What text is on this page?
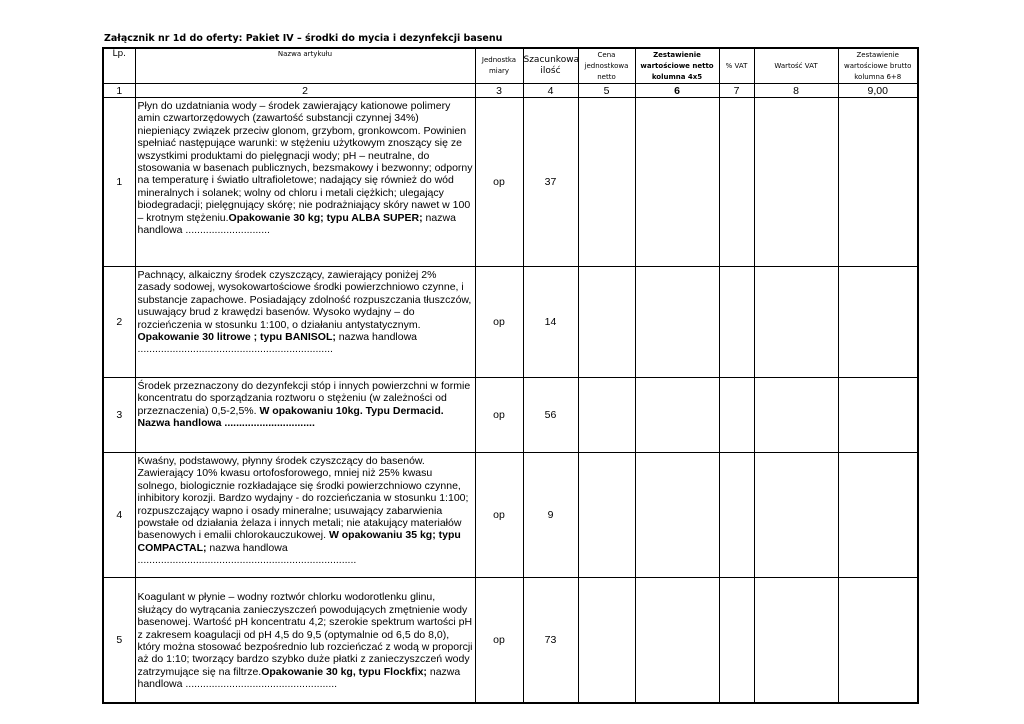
Załącznik nr 1d do oferty: Pakiet IV – środki do mycia i dezynfekcji basenu
Lp.	Nazwa artykułu	Jednostka miary	Szacunkowa ilość	Cena jednostkowa netto	Zestawienie wartościowe netto kolumna 4x5	% VAT	Wartość VAT	Zestawienie wartościowe brutto kolumna 6+8
1	2	3	4	5	6	7	8	9,00
1	Płyn do uzdatniania wody – środek zawierający kationowe polimery amin czwartorzędowych (zawartość substancji czynnej 34%) niepieniący związek przeciw glonom, grzybom, gronkowcom. Powinien spełniać następujące warunki: w stężeniu użytkowym znoszący się ze wszystkimi produktami do pielęgnacji wody; pH – neutralne, do stosowania w basenach publicznych, bezsmakowy i bezwonny; odporny na temperaturę i światło ultrafioletowe; nadający się również do wód mineralnych i solanek; wolny od chloru i metali ciężkich; ulegający biodegradacji; pielęgnujący skórę; nie podrażniający skóry nawet w 100 – krotnym stężeniu.Opakowanie 30 kg; typu ALBA SUPER; nazwa handlowa .............................	op	37					
2	Pachnący, alkaiczny środek czyszczący, zawierający poniżej 2% zasady sodowej, wysokowartościowe środki powierzchniowo czynne, i substancje zapachowe. Posiadający zdolność rozpuszczania tłuszczów, usuwający brud z krawędzi basenów. Wysoko wydajny – do rozcieńczenia w stosunku 1:100, o działaniu antystatycznym. Opakowanie 30 litrowe ; typu BANISOL; nazwa handlowa ...................................................................	op	14					
3	Środek przeznaczony do dezynfekcji stóp i innych powierzchni w formie koncentratu do sporządzania roztworu o stężeniu (w zależności od przeznaczenia) 0,5-2,5%. W opakowaniu 10kg. Typu Dermacid. Nazwa handlowa ...............................	op	56					
4	Kwaśny, podstawowy, płynny środek czyszczący do basenów. Zawierający 10% kwasu ortofosforowego, mniej niż 25% kwasu solnego, biologicznie rozkładające się środki powierzchniowo czynne, inhibitory korozji. Bardzo wydajny - do rozcieńczania w stosunku 1:100; rozpuszczający wapno i osady mineralne; usuwający zabarwienia powstałe od działania żelaza i innych metali; nie atakujący materiałów basenowych i emalii chlorokauczukowej. W opakowaniu 35 kg; typu COMPACTAL; nazwa handlowa ...........................................................................	op	9					
5	Koagulant w płynie – wodny roztwór chlorku wodorotlenku glinu, służący do wytrącania zanieczyszczeń powodujących zmętnienie wody basenowej. Wartość pH koncentratu 4,2; szerokie spektrum wartości pH z zakresem koagulacji od pH 4,5 do 9,5 (optymalnie od 6,5 do 8,0), który można stosować bezpośrednio lub rozcieńczać z wodą w proporcji aż do 1:10; tworzący bardzo szybko duże płatki z zanieczyszczeń wody zatrzymujące się na filtrze.Opakowanie 30 kg, typu Flockfix; nazwa handlowa ....................................................	op	73					
